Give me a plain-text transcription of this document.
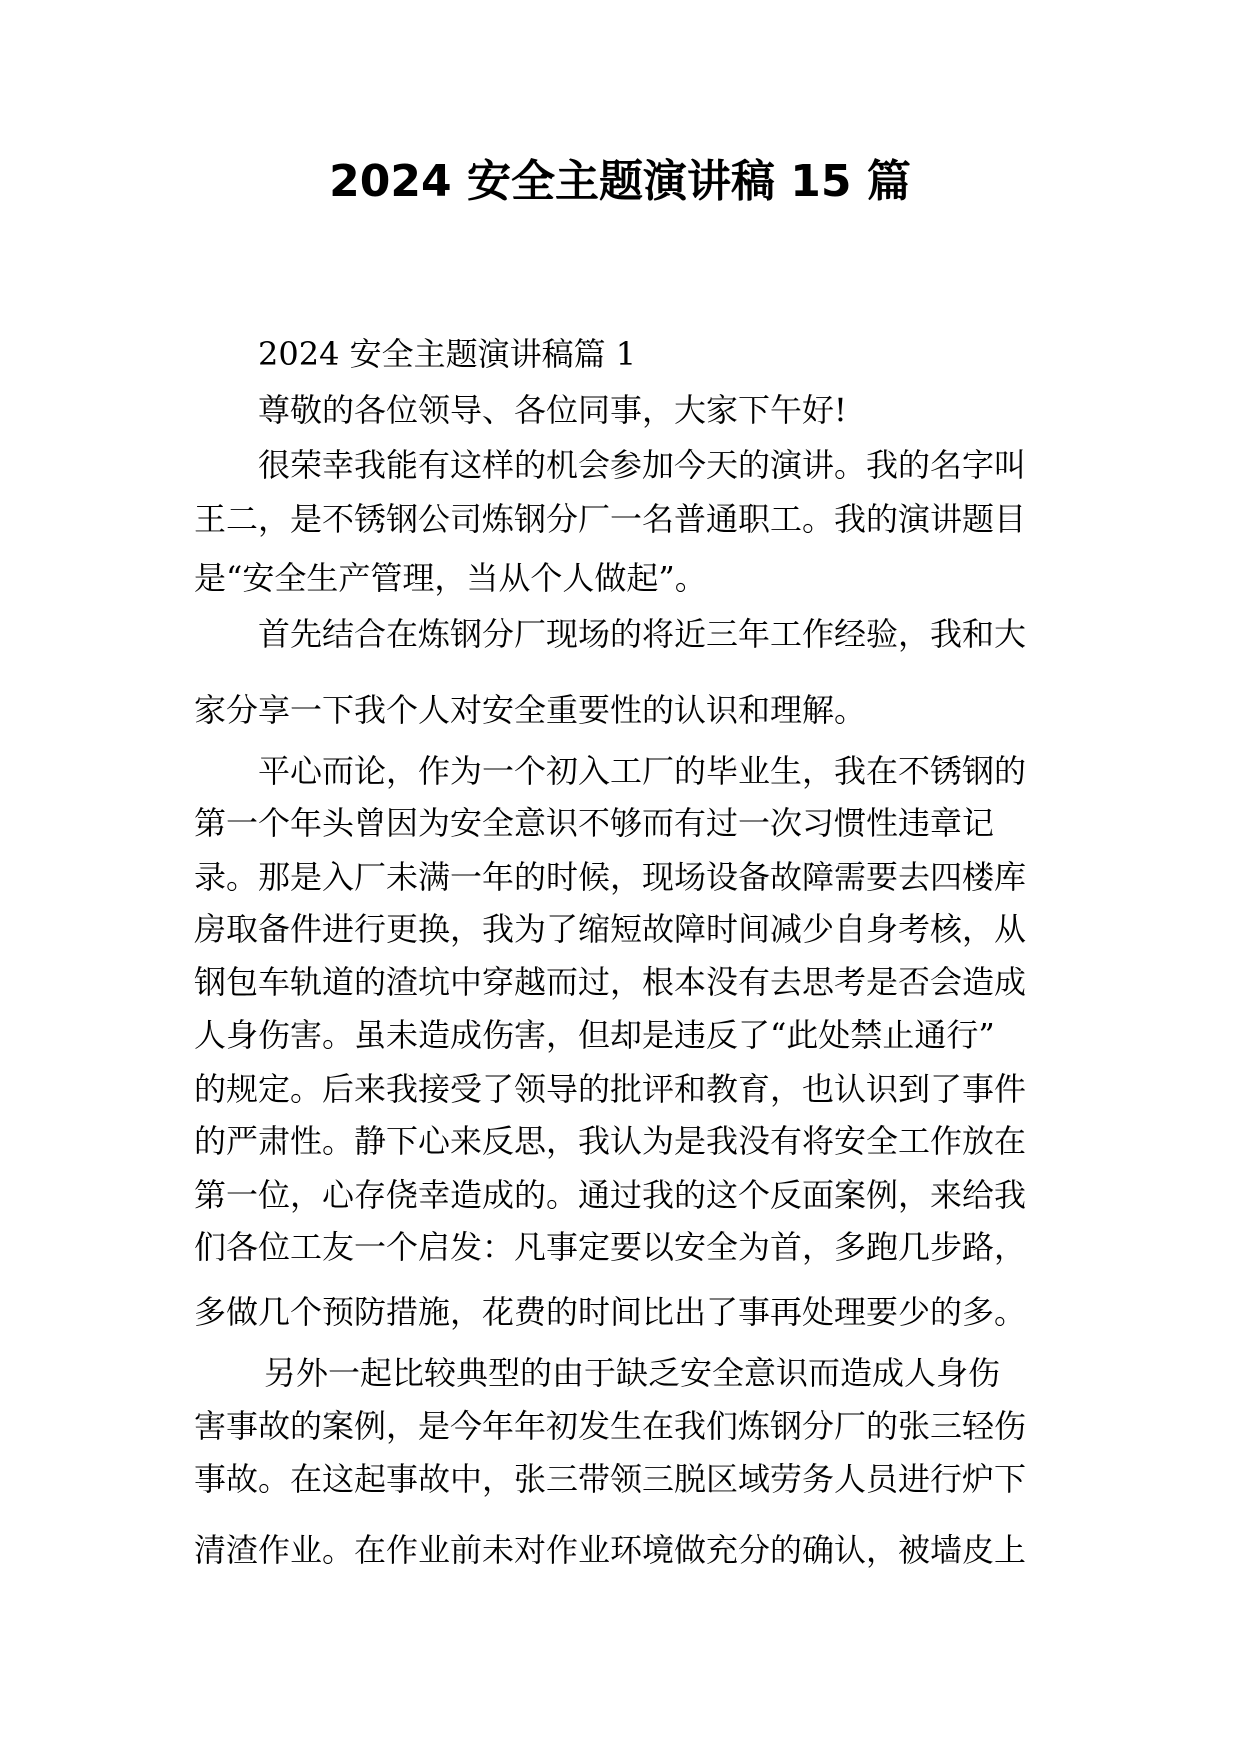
2024 安全主题演讲稿 15 篇

2024 安全主题演讲稿篇 1

尊敬的各位领导、各位同事，大家下午好!

很荣幸我能有这样的机会参加今天的演讲。我的名字叫

王二，是不锈钢公司炼钢分厂一名普通职工。我的演讲题目

是“安全生产管理，当从个人做起”。

首先结合在炼钢分厂现场的将近三年工作经验，我和大

家分享一下我个人对安全重要性的认识和理解。

平心而论，作为一个初入工厂的毕业生，我在不锈钢的

第一个年头曾因为安全意识不够而有过一次习惯性违章记

录。那是入厂未满一年的时候，现场设备故障需要去四楼库

房取备件进行更换，我为了缩短故障时间减少自身考核，从

钢包车轨道的渣坑中穿越而过，根本没有去思考是否会造成

人身伤害。虽未造成伤害，但却是违反了“此处禁止通行”

的规定。后来我接受了领导的批评和教育，也认识到了事件

的严肃性。静下心来反思，我认为是我没有将安全工作放在

第一位，心存侥幸造成的。通过我的这个反面案例，来给我

们各位工友一个启发：凡事定要以安全为首，多跑几步路，

多做几个预防措施，花费的时间比出了事再处理要少的多。

另外一起比较典型的由于缺乏安全意识而造成人身伤

害事故的案例，是今年年初发生在我们炼钢分厂的张三轻伤

事故。在这起事故中，张三带领三脱区域劳务人员进行炉下

清渣作业。在作业前未对作业环境做充分的确认，被墙皮上
